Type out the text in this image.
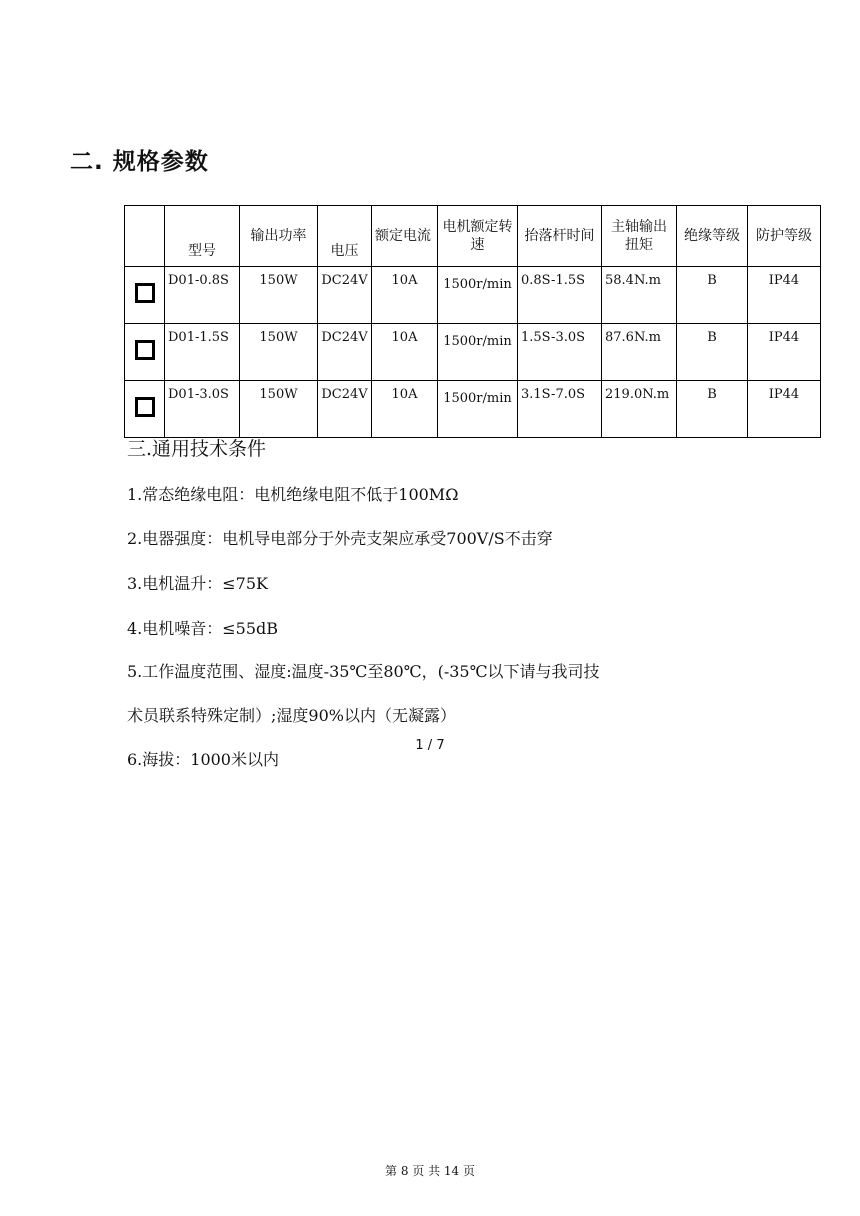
二. 规格参数
	型号	输出功率	电压	额定电流	电机额定转速	抬落杆时间	主轴输出扭矩	绝缘等级	防护等级
	D01-0.8S	150W	DC24V	10A	1500r/min	0.8S-1.5S	58.4N.m	B	IP44
	D01-1.5S	150W	DC24V	10A	1500r/min	1.5S-3.0S	87.6N.m	B	IP44
	D01-3.0S	150W	DC24V	10A	1500r/min	3.1S-7.0S	219.0N.m	B	IP44
三.通用技术条件
1.常态绝缘电阻：电机绝缘电阻不低于100MΩ
2.电器强度：电机导电部分于外壳支架应承受700V/S不击穿
3.电机温升：≤75K
4.电机噪音：≤55dB
5.工作温度范围、湿度:温度-35℃至80℃，(-35℃以下请与我司技
术员联系特殊定制）;湿度90%以内（无凝露）
6.海拔：1000米以内
1 / 7
第 8 页 共 14 页
